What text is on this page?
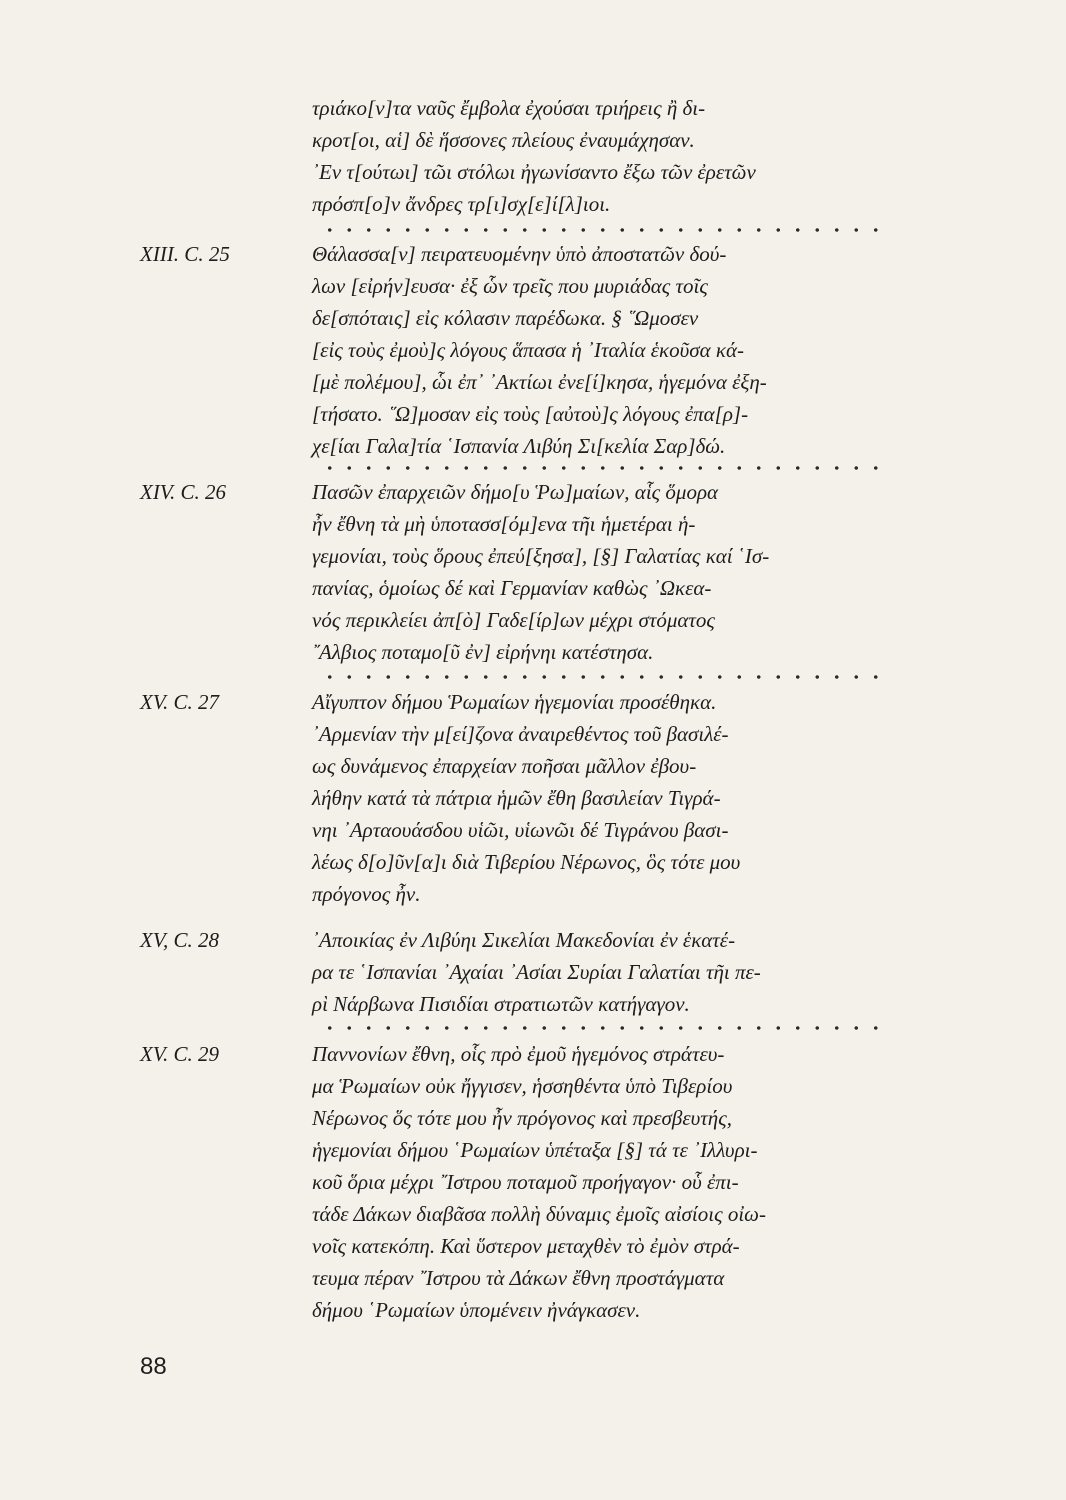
τριάκο[ν]τα ναῦς ἔμβολα ἐχούσαι τριήρεις ἢ δι-
κροτ[οι, αἱ] δὲ ἥσσονες πλείους ἐναυμάχησαν.
᾿Εν τ[ούτωι] τῶι στόλωι ἠγωνίσαντο ἔξω τῶν ἐρετῶν
πρόσπ[ο]ν ἄνδρες τρ[ι]σχ[ε]ί[λ]ιοι.
XIII. C. 25	Θάλασσα[ν] πειρατευομένην ὑπὸ ἀποστατῶν δού-
λων [εἰρήν]ευσα· ἐξ ὧν τρεῖς που μυριάδας τοῖς
δε[σπόταις] εἰς κόλασιν παρέδωκα. § ῞Ωμοσεν
[εἰς τοὺς ἐμοὺ]ς λόγους ἅπασα ἡ ᾿Ιταλία ἑκοῦσα κά-
[μὲ πολέμου], ὧι ἐπ᾿ ᾿Ακτίωι ἐνε[ί]κησα, ἡγεμόνα ἐξη-
[τήσατο. ῞Ω]μοσαν εἰς τοὺς [αὐτοὺ]ς λόγους ἐπα[ρ]-
χε[ίαι Γαλα]τία ῾Ισπανία Λιβύη Σι[κελία Σαρ]δώ.
XIV. C. 26	Πασῶν ἐπαρχειῶν δήμο[υ Ῥω]μαίων, αἷς ὅμορα
ἦν ἔθνη τὰ μὴ ὑποτασσ[όμ]ενα τῆι ἡμετέραι ἡ-
γεμονίαι, τοὺς ὅρους ἐπεύ[ξησα], [§] Γαλατίας καί ῾Ισ-
πανίας, ὁμοίως δέ καὶ Γερμανίαν καθὼς ᾿Ωκεα-
νός περικλείει ἀπ[ὸ] Γαδε[ίρ]ων μέχρι στόματος
῎Αλβιος ποταμο[ῦ ἐν] εἰρήνηι κατέστησα.
XV. C. 27	Αἴγυπτον δήμου Ῥωμαίων ἡγεμονίαι προσέθηκα.
᾿Αρμενίαν τὴν μ[εί]ζονα ἀναιρεθέντος τοῦ βασιλέ-
ως δυνάμενος ἐπαρχείαν ποῆσαι μᾶλλον ἐβου-
λήθην κατά τὰ πάτρια ἡμῶν ἔθη βασιλείαν Τιγρά-
νηι ᾿Αρταουάσδου υἱῶι, υἱωνῶι δέ Τιγράνου βασι-
λέως δ[ο]ῦν[α]ι διὰ Τιβερίου Νέρωνος, ὃς τότε μου
πρόγονος ἦν.
XV, C. 28	᾿Αποικίας ἐν Λιβύηι Σικελίαι Μακεδονίαι ἐν ἑκατέ-
ρα τε ῾Ισπανίαι ᾿Αχαίαι ᾿Ασίαι Συρίαι Γαλατίαι τῆι πε-
ρὶ Νάρβωνα Πισιδίαι στρατιωτῶν κατήγαγον.
XV. C. 29	Παννονίων ἔθνη, οἷς πρὸ ἐμοῦ ἡγεμόνος στράτευ-
μα Ῥωμαίων οὐκ ἤγγισεν, ἡσσηθέντα ὑπὸ Τιβερίου
Νέρωνος ὅς τότε μου ἦν πρόγονος καὶ πρεσβευτής,
ἡγεμονίαι δήμου ῾Ρωμαίων ὑπέταξα [§] τά τε ᾿Ιλλυρι-
κοῦ ὅρια μέχρι ῎Ιστρου ποταμοῦ προήγαγον· οὗ ἐπι-
τάδε Δάκων διαβᾶσα πολλὴ δύναμις ἐμοῖς αἰσίοις οἰω-
νοῖς κατεκόπη. Καὶ ὕστερον μεταχθὲν τὸ ἐμὸν στρά-
τευμα πέραν ῎Ιστρου τὰ Δάκων ἔθνη προστάγματα
δήμου ῾Ρωμαίων ὑπομένειν ἠνάγκασεν.
88
